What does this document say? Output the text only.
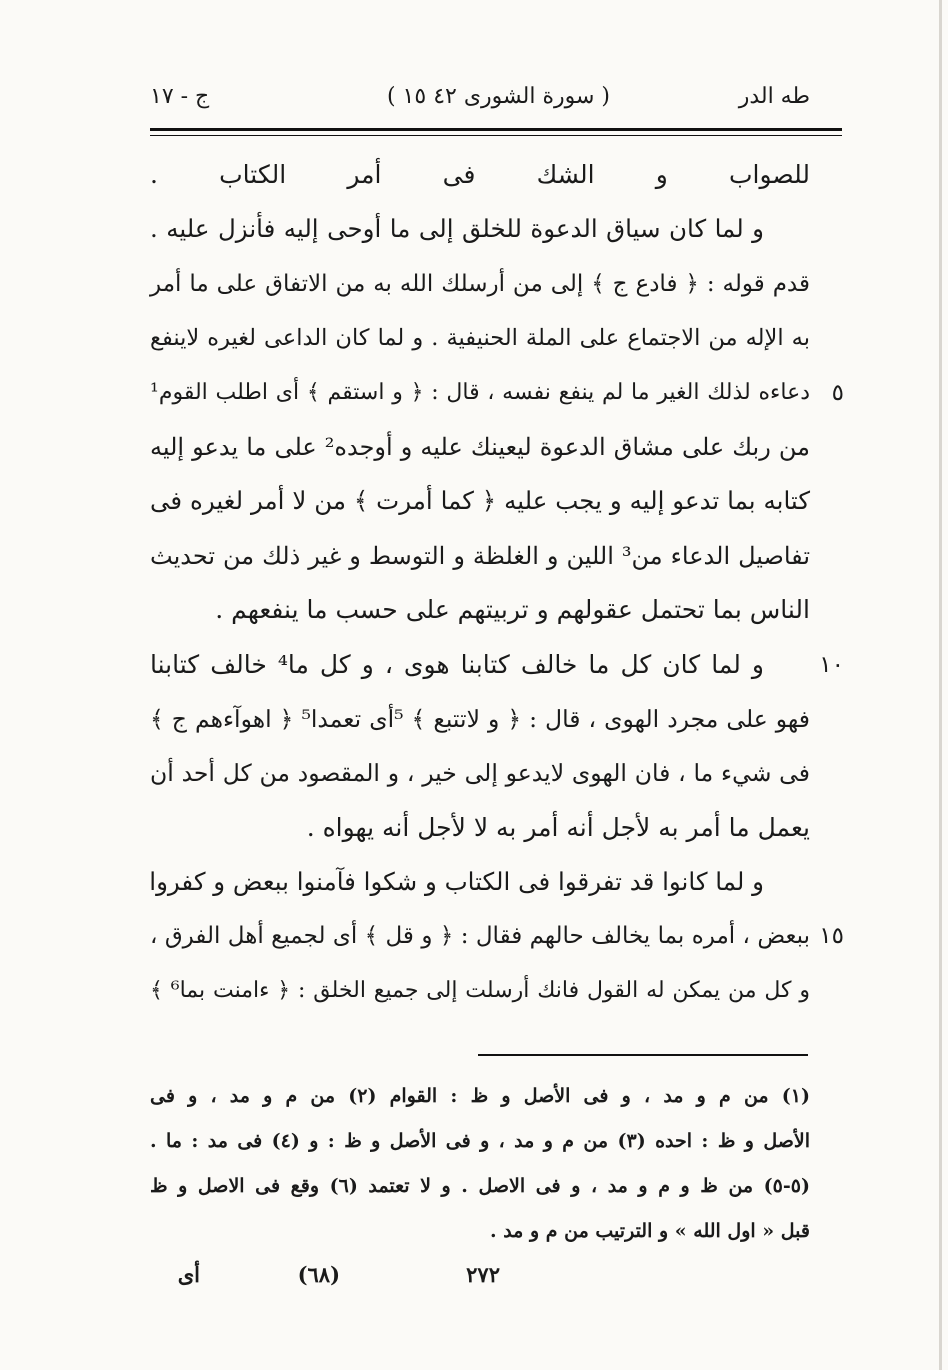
طه الدر
( سورة الشورى ٤٢ ١٥ )
ج - ١٧
للصواب و الشك فى أمر الكتاب .
و لما كان سياق الدعوة للخلق إلى ما أوحى إليه فأنزل عليه .
قدم قوله : ﴿ فادع ج ﴾ إلى من أرسلك الله به من الاتفاق على ما أمر
به الإله من الاجتماع على الملة الحنيفية . و لما كان الداعى لغيره لاينفع
دعاءه لذلك الغير ما لم ينفع نفسه ، قال : ﴿ و استقم ﴾ أى اطلب القوم¹ ٥
من ربك على مشاق الدعوة ليعينك عليه و أوجده² على ما يدعو إليه
كتابه بما تدعو إليه و يجب عليه ﴿ كما أمرت ﴾ من لا أمر لغيره فى
تفاصيل الدعاء من³ اللين و الغلظة و التوسط و غير ذلك من تحديث
الناس بما تحتمل عقولهم و تربيتهم على حسب ما ينفعهم .
و لما كان كل ما خالف كتابنا هوى ، و كل ما⁴ خالف كتابنا	١٠
فهو على مجرد الهوى ، قال : ﴿ و لاتتبع ﴾ ⁵أى تعمدا⁵ ﴿ اهوآءهم ج ﴾
فى شيء ما ، فان الهوى لايدعو إلى خير ، و المقصود من كل أحد أن
يعمل ما أمر به لأجل أنه أمر به لا لأجل أنه يهواه .
و لما كانوا قد تفرقوا فى الكتاب و شكوا فآمنوا ببعض و كفروا
ببعض ، أمره بما يخالف حالهم فقال : ﴿ و قل ﴾ أى لجميع أهل الفرق ، ١٥
و كل من يمكن له القول فانك أرسلت إلى جميع الخلق : ﴿ ءامنت بما⁶ ﴾
(١) من م و مد ، و فى الأصل و ظ : القوام (٢) من م و مد ، و فى
الأصل و ظ : احده (٣) من م و مد ، و فى الأصل و ظ : و (٤) فى مد : ما .
(٥-٥) من ظ و م و مد ، و فى الاصل . و لا تعتمد (٦) وقع فى الاصل و ظ
قبل « اول الله » و الترتيب من م و مد .
٢٧٢
(٦٨)
أى
